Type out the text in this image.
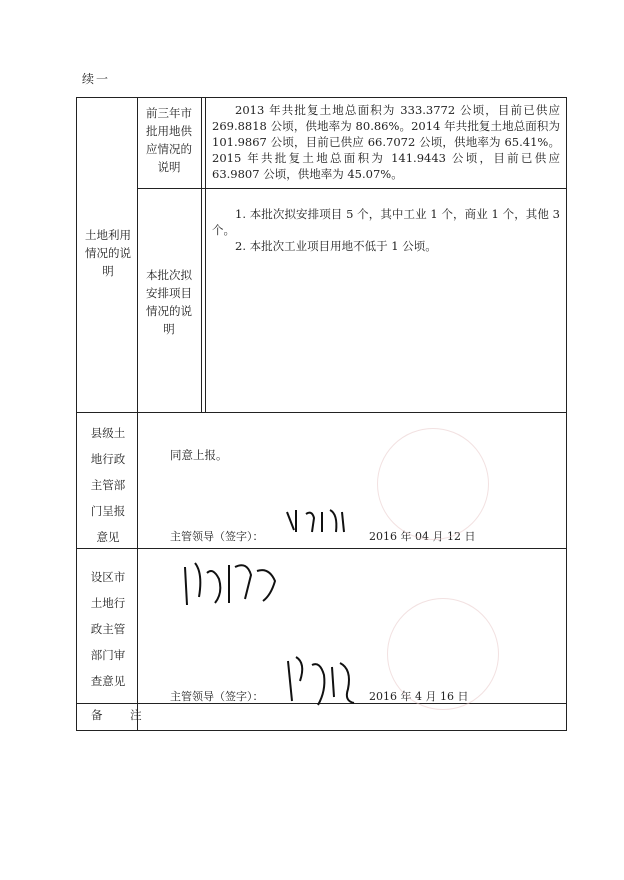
续一
土地利用情况的说明
前三年市批用地供应情况的说明
2013 年共批复土地总面积为 333.3772 公顷，目前已供应 269.8818 公顷，供地率为 80.86%。2014 年共批复土地总面积为 101.9867 公顷，目前已供应 66.7072 公顷，供地率为 65.41%。2015 年共批复土地总面积为 141.9443 公顷，目前已供应 63.9807 公顷，供地率为 45.07%。
本批次拟安排项目情况的说明
1. 本批次拟安排项目 5 个，其中工业 1 个，商业 1 个，其他 3 个。
2. 本批次工业项目用地不低于 1 公顷。
县级土地行政主管部门呈报意见
同意上报。
主管领导（签字）：	2016 年 04 月 12 日
设区市土地行政主管部门审查意见
主管领导（签字）：	2016 年 4 月 16 日
备 注
